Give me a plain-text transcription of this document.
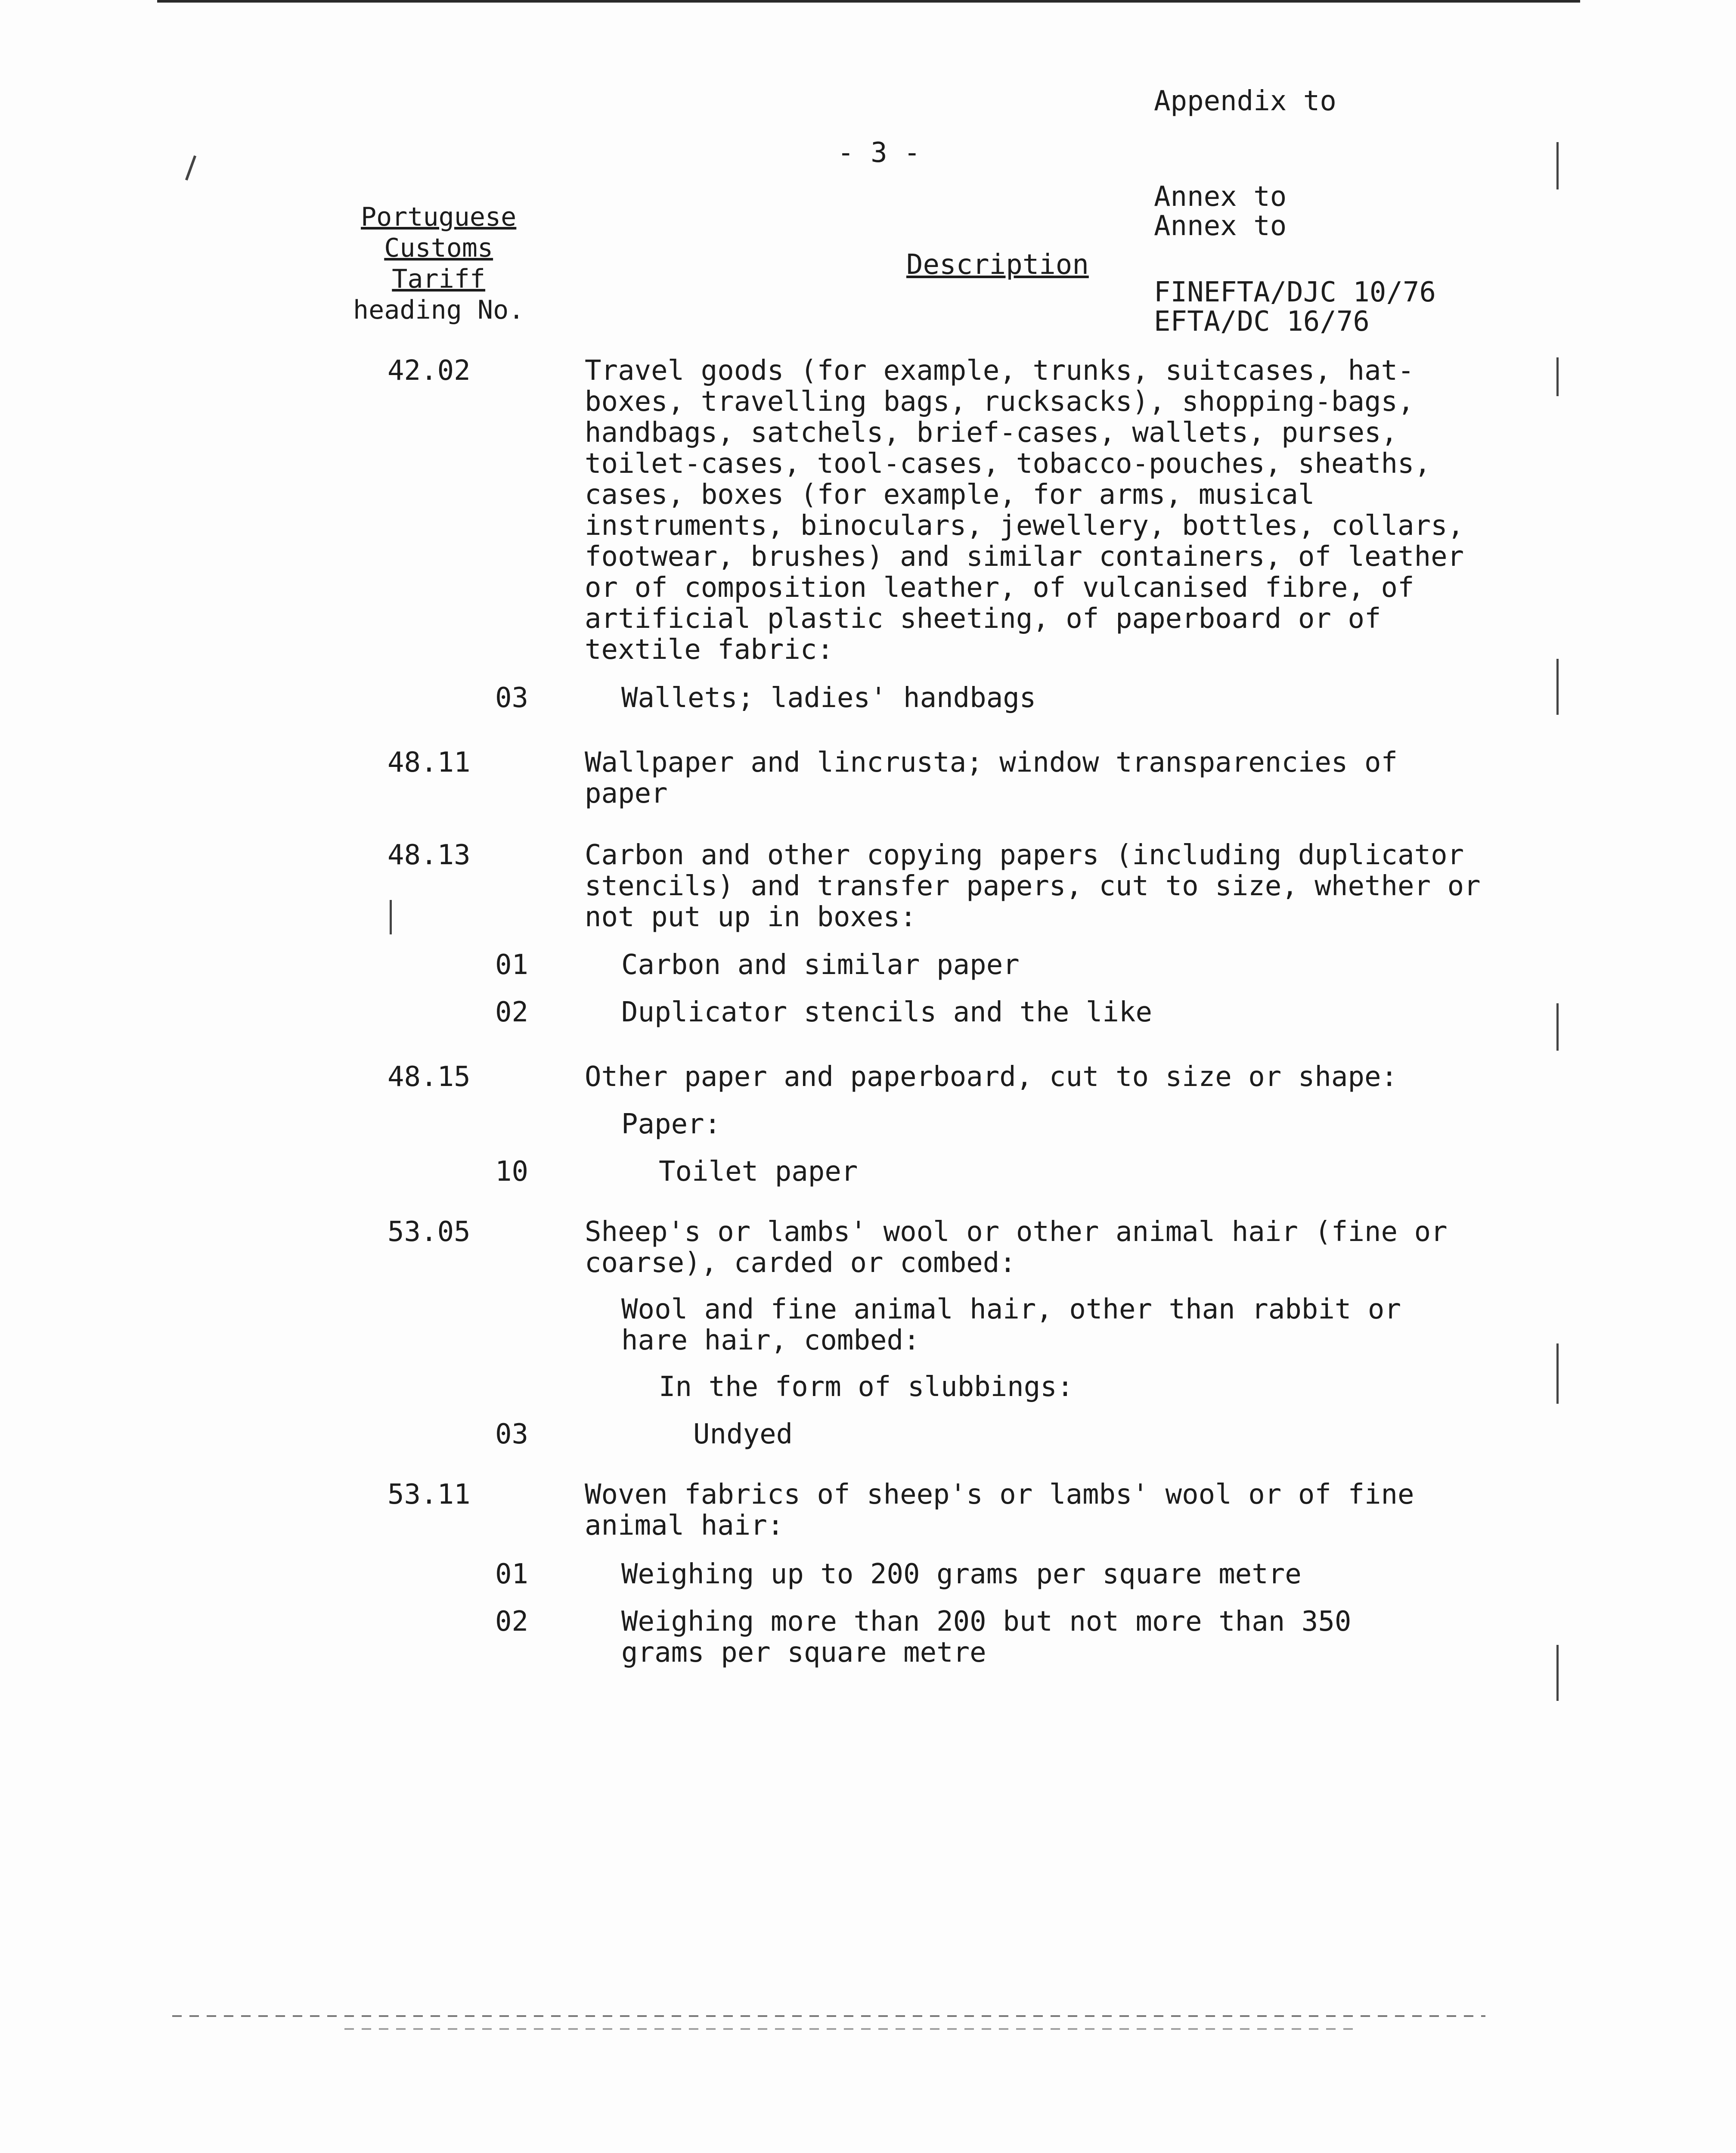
Appendix to

Annex to

FINEFTA/DJC 10/76

Annex to

EFTA/DC 16/76

- 3 -
Portuguese
Customs
Tariff
heading No.
Description
42.02	Travel goods (for example, trunks, suitcases, hat-boxes, travelling bags, rucksacks), shopping-bags, handbags, satchels, brief-cases, wallets, purses, toilet-cases, tool-cases, tobacco-pouches, sheaths, cases, boxes (for example, for arms, musical instruments, binoculars, jewellery, bottles, collars, footwear, brushes) and similar containers, of leather or of composition leather, of vulcanised fibre, of artificial plastic sheeting, of paperboard or of textile fabric:
03	Wallets; ladies' handbags
48.11	Wallpaper and lincrusta; window transparencies of paper
48.13	Carbon and other copying papers (including duplicator stencils) and transfer papers, cut to size, whether or not put up in boxes:
01	Carbon and similar paper
02	Duplicator stencils and the like
48.15	Other paper and paperboard, cut to size or shape:
Paper:
10	Toilet paper
53.05	Sheep's or lambs' wool or other animal hair (fine or coarse), carded or combed:
Wool and fine animal hair, other than rabbit or hare hair, combed:
In the form of slubbings:
03	Undyed
53.11	Woven fabrics of sheep's or lambs' wool or of fine animal hair:
01	Weighing up to 200 grams per square metre
02	Weighing more than 200 but not more than 350 grams per square metre
